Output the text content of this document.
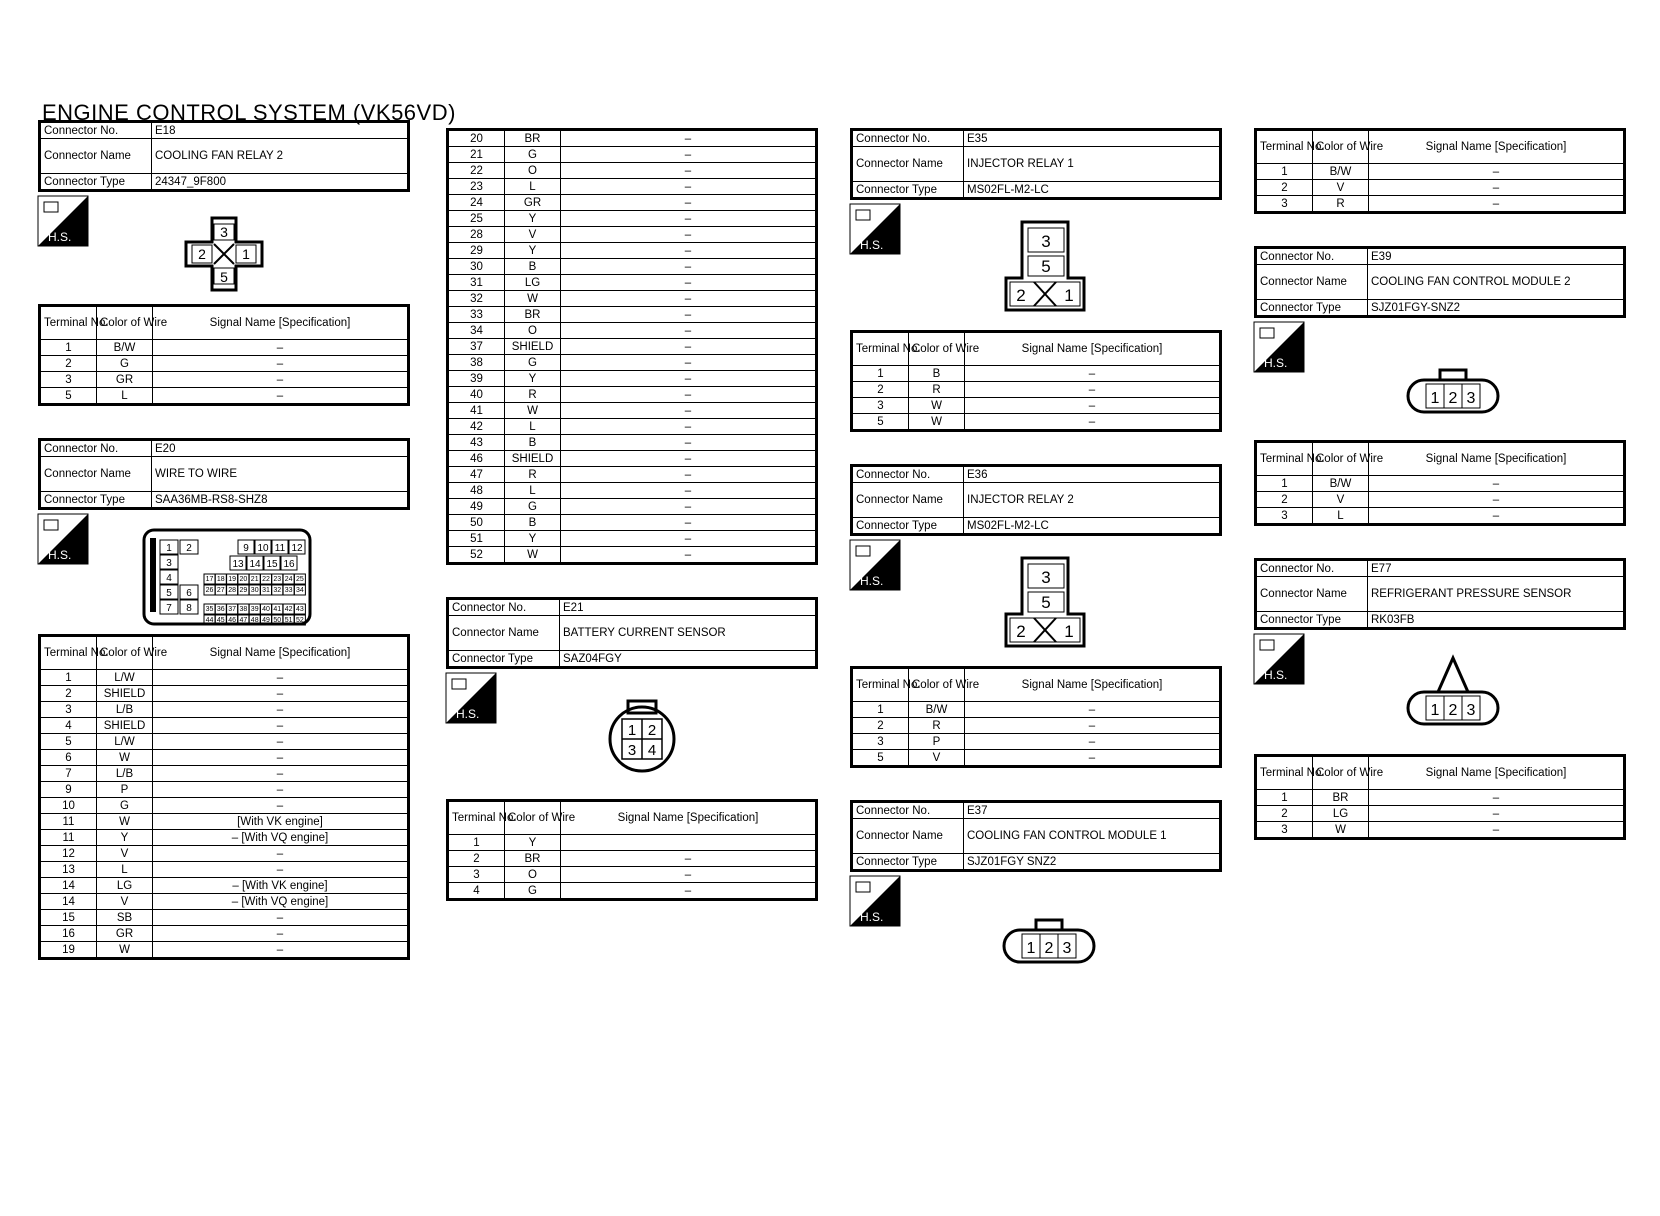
ENGINE CONTROL SYSTEM (VK56VD)
Connector No.	E18
Connector Name	COOLING FAN RELAY 2
Connector Type	24347_9F800
H.S.	3
2	1
5
Terminal No.	Color of Wire	Signal Name [Specification]
1	B/W	–
2	G	–
3	GR	–
5	L	–
Connector No.	E20
Connector Name	WIRE TO WIRE
Connector Type	SAA36MB-RS8-SHZ8
H.S.	1 2
3
4
5 6
7 8
9 10 11 12
13 14 15 16
17 18 19 20 21 22 23 24 25
26 27 28 29 30 31 32 33 34
35 36 37 38 39 40 41 42 43
44 45 46 47 48 49 50 51 52
Terminal No.	Color of Wire	Signal Name [Specification]
1	L/W	–
2	SHIELD	–
3	L/B	–
4	SHIELD	–
5	L/W	–
6	W	–
7	L/B	–
9	P	–
10	G	–
11	W	[With VK engine]
11	Y	– [With VQ engine]
12	V	–
13	L	–
14	LG	– [With VK engine]
14	V	– [With VQ engine]
15	SB	–
16	GR	–
19	W	–
20	BR	–
21	G	–
22	O	–
23	L	–
24	GR	–
25	Y	–
28	V	–
29	Y	–
30	B	–
31	LG	–
32	W	–
33	BR	–
34	O	–
37	SHIELD	–
38	G	–
39	Y	–
40	R	–
41	W	–
42	L	–
43	B	–
46	SHIELD	–
47	R	–
48	L	–
49	G	–
50	B	–
51	Y	–
52	W	–
Connector No.	E21
Connector Name	BATTERY CURRENT SENSOR
Connector Type	SAZ04FGY
H.S.
1 2
3 4
Terminal No.	Color of Wire	Signal Name [Specification]
1	Y	
2	BR	–
3	O	–
4	G	–
Connector No.	E35
Connector Name	INJECTOR RELAY 1
Connector Type	MS02FL-M2-LC
H.S.	3
5
2 1
Terminal No.	Color of Wire	Signal Name [Specification]
1	B	–
2	R	–
3	W	–
5	W	–
Connector No.	E36
Connector Name	INJECTOR RELAY 2
Connector Type	MS02FL-M2-LC
H.S.	3
5
2 1
Terminal No.	Color of Wire	Signal Name [Specification]
1	B/W	–
2	R	–
3	P	–
5	V	–
Connector No.	E37
Connector Name	COOLING FAN CONTROL MODULE 1
Connector Type	SJZ01FGY SNZ2
H.S.
1 2 3
Terminal No.	Color of Wire	Signal Name [Specification]
1	B/W	–
2	V	–
3	R	–
Connector No.	E39
Connector Name	COOLING FAN CONTROL MODULE 2
Connector Type	SJZ01FGY-SNZ2
H.S.
1 2 3
Terminal No.	Color of Wire	Signal Name [Specification]
1	B/W	–
2	V	–
3	L	–
Connector No.	E77
Connector Name	REFRIGERANT PRESSURE SENSOR
Connector Type	RK03FB
H.S.
1 2 3
Terminal No.	Color of Wire	Signal Name [Specification]
1	BR	–
2	LG	–
3	W	–
